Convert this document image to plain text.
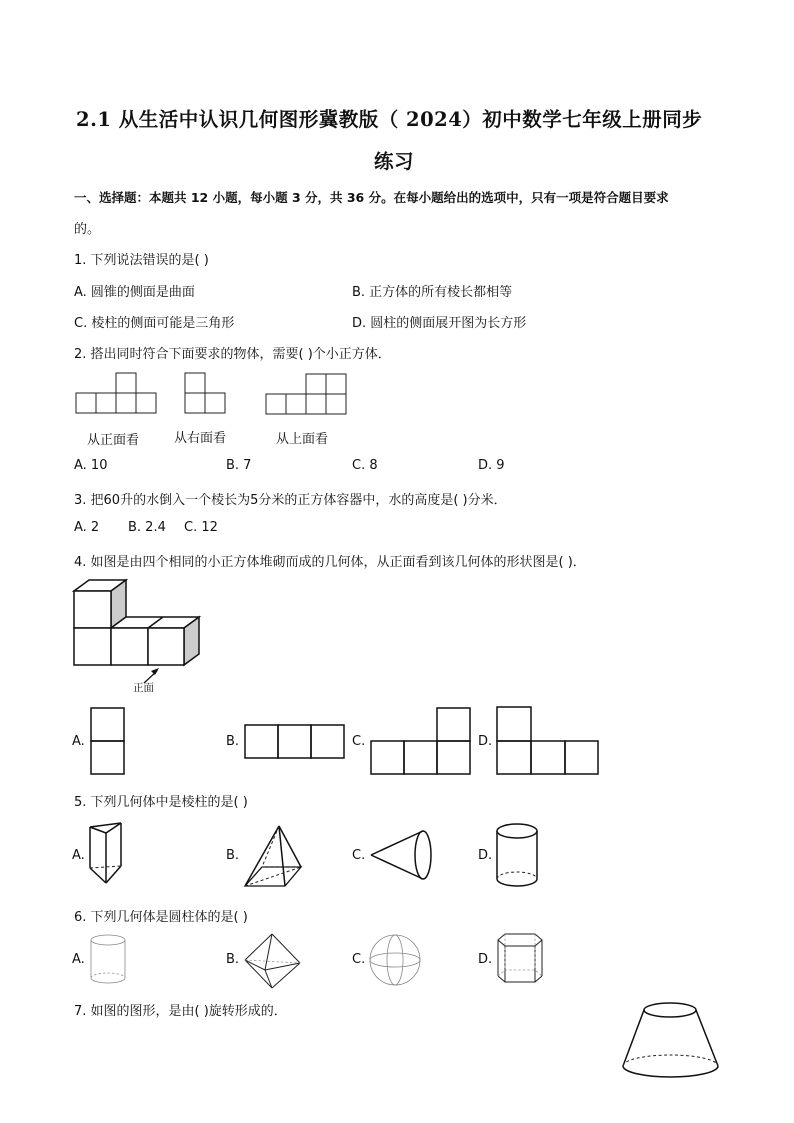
2.1 从生活中认识几何图形冀教版（ 2024）初中数学七年级上册同步
练习
一、选择题：本题共 12 小题，每小题 3 分，共 36 分。在每小题给出的选项中，只有一项是符合题目要求
的。
1. 下列说法错误的是( )
A. 圆锥的侧面是曲面	B. 正方体的所有棱长都相等
C. 棱柱的侧面可能是三角形	D. 圆柱的侧面展开图为长方形
2. 搭出同时符合下面要求的物体，需要( )个小正方体．
从正面看	从右面看	从上面看
A. 10	B. 7	C. 8	D. 9
3. 把60升的水倒入一个棱长为5分米的正方体容器中，水的高度是( )分米．
A. 2 B. 2.4 C. 12
4. 如图是由四个相同的小正方体堆砌而成的几何体，从正面看到该几何体的形状图是( )．
正面
A.	B.	C.	D.
5. 下列几何体中是棱柱的是( )
A.	B.	C.	D.
6. 下列几何体是圆柱体的是( )
A.	B.	C.	D.
7. 如图的图形，是由( )旋转形成的．
